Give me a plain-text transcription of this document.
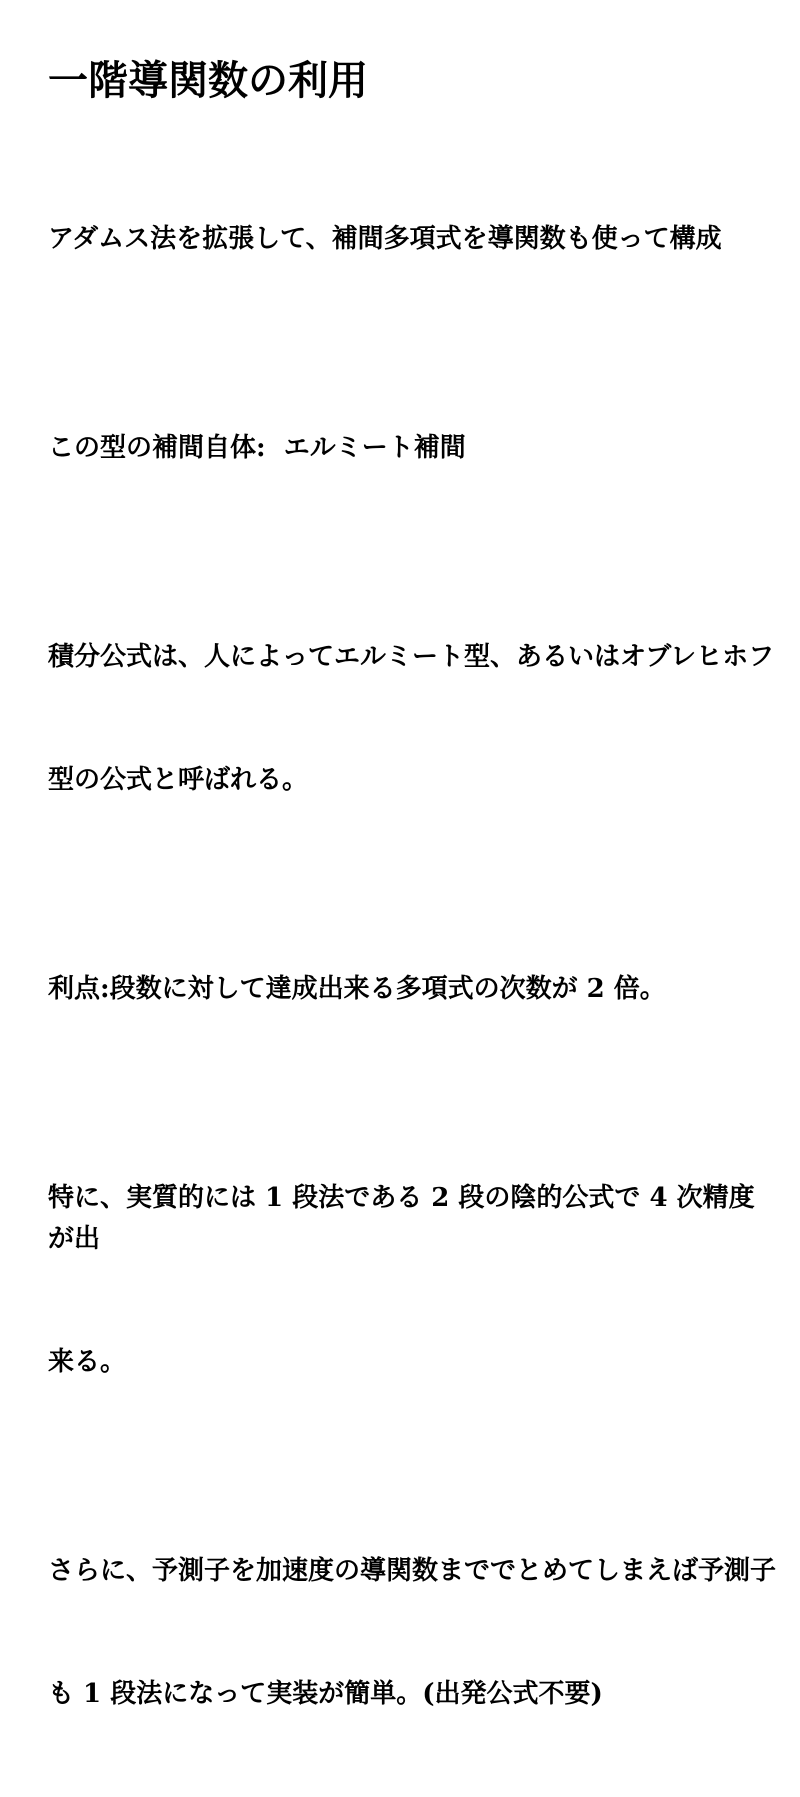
一階導関数の利用

アダムス法を拡張して、補間多項式を導関数も使って構成

この型の補間自体:  エルミート補間

積分公式は、人によってエルミート型、あるいはオブレヒホフ

型の公式と呼ばれる。

利点:段数に対して達成出来る多項式の次数が 2 倍。

特に、実質的には 1 段法である 2 段の陰的公式で 4 次精度が出

来る。

さらに、予測子を加速度の導関数まででとめてしまえば予測子

も 1 段法になって実装が簡単。(出発公式不要)
